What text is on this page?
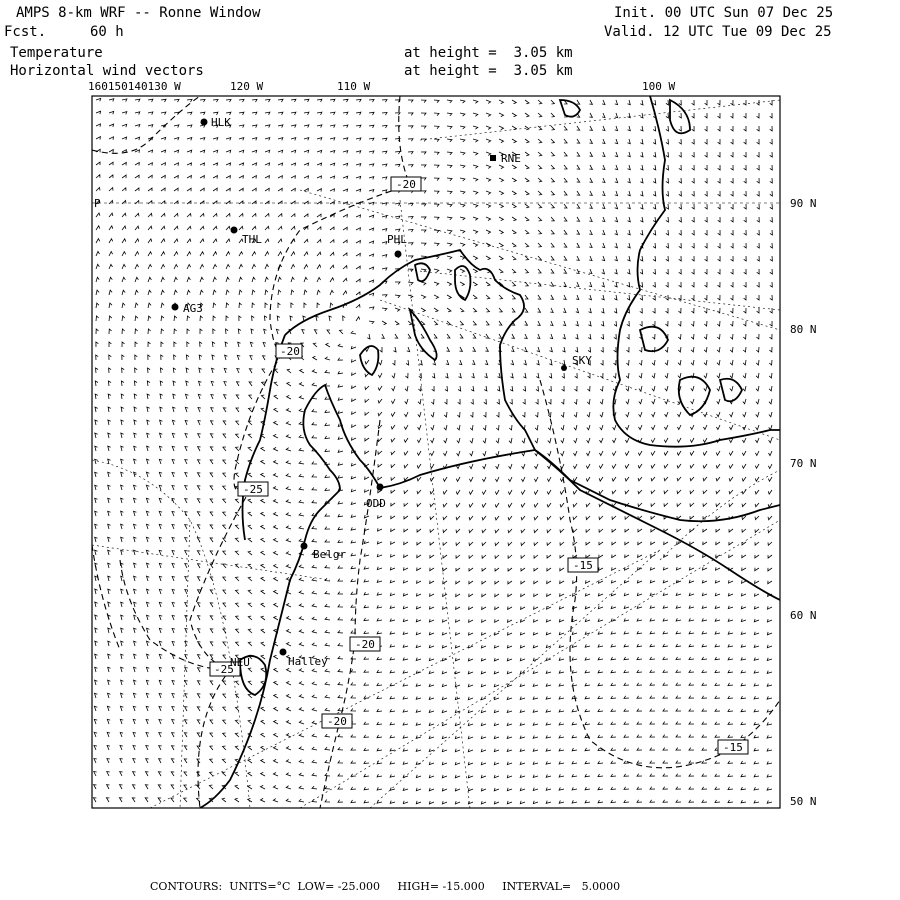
AMPS 8-km WRF -- Ronne Window
Fcst.	60 h
Temperature
Horizontal wind vectors
at height =  3.05 km
at height =  3.05 km
Init. 00 UTC Sun 07 Dec 25
Valid. 12 UTC Tue 09 Dec 25
-20
-20
-25
-15
-20
-20
-25
-15
HLK
RNE
THL	PHL
AG3
SKY
ODD
Belgr
Halley
NEU
160150140130 W	120 W	110 W	100 W
90 N
80 N
70 N
60 N
50 N
P
CONTOURS: UNITS=°C LOW= -25.000 HIGH= -15.000 INTERVAL=   5.0000
